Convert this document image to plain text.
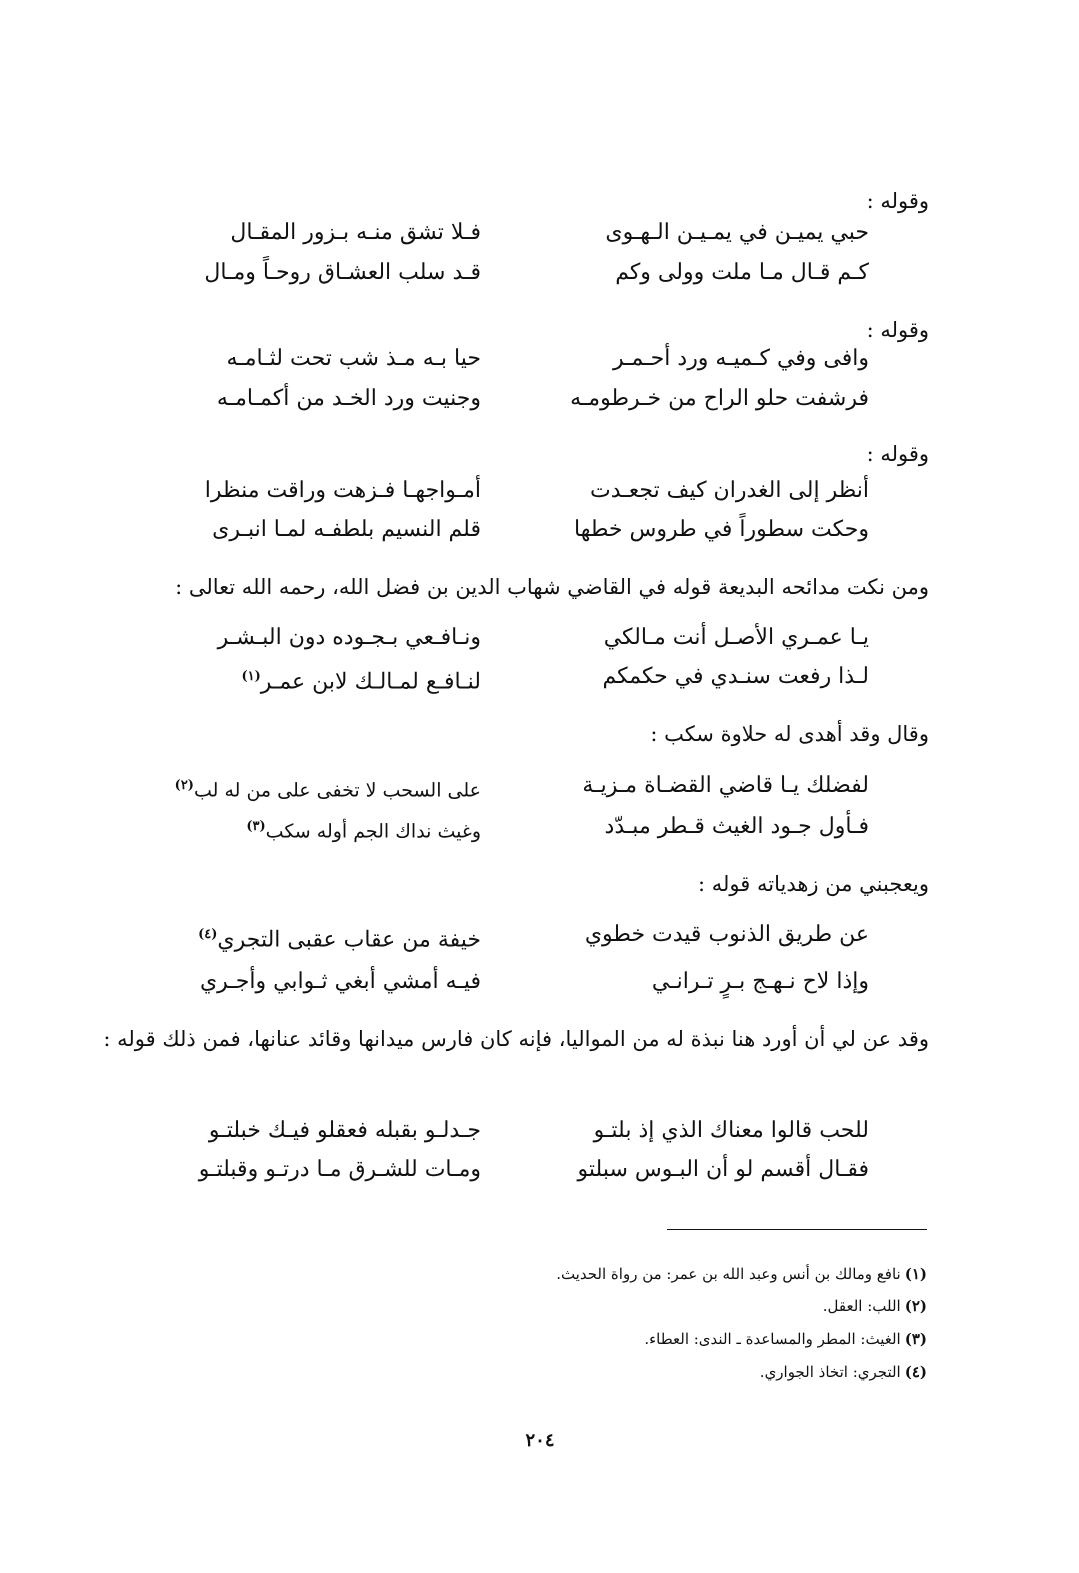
وقوله :
حبي يميـن في يمـيـن الـهـوى
فـلا تشق منـه بـزور المقـال
كـم قـال مـا ملت وولى وكم
قـد سلب العشـاق روحـاً ومـال
وقوله :
وافى وفي كـميـه ورد أحـمـر
حيا بـه مـذ شب تحت لثـامـه
فرشفت حلو الراح من خـرطومـه
وجنيت ورد الخـد من أكمـامـه
وقوله :
أنظر إلى الغدران كيف تجعـدت
أمـواجهـا فـزهت وراقت منظرا
وحكت سطوراً في طروس خطها
قلم النسيم بلطفـه لمـا انبـرى
ومن نكت مدائحه البديعة قوله في القاضي شهاب الدين بن فضل الله، رحمه الله تعالى :
يـا عمـري الأصـل أنت مـالكي
ونـافـعي بـجـوده دون البـشـر
لـذا رفعت سنـدي في حكمكم
لنـافـع لمـالـك لابن عمـر$^{(١)}$
وقال وقد أهدى له حلاوة سكب :
لفضلك يـا قاضي القضـاة مـزيـة
على السحب لا تخفى على من له لب$^{(٢)}$
فـأول جـود الغيث قـطر مبـدّد
وغيث نداك الجم أوله سكب$^{(٣)}$
ويعجبني من زهدياته قوله :
عن طريق الذنوب قيدت خطوي
خيفة من عقاب عقبى التجري$^{(٤)}$
وإذا لاح نـهـج بـرٍ تـرانـي
فيـه أمشي أبغي ثـوابي وأجـري
وقد عن لي أن أورد هنا نبذة له من المواليا، فإنه كان فارس ميدانها وقائد عنانها، فمن ذلك قوله :
للحب قالوا معناك الذي إذ بلتـو
جـدلـو بقبله فعقلو فيـك خبلتـو
فقـال أقسم لو أن البـوس سبلتو
ومـات للشـرق مـا درتـو وقبلتـو
(١)نافع ومالك بن أنس وعبد الله بن عمر: من رواة الحديث.
(٢)اللب: العقل.
(٣)الغيث: المطر والمساعدة ـ الندى: العطاء.
(٤)التجري: اتخاذ الجواري.
٢٠٤
